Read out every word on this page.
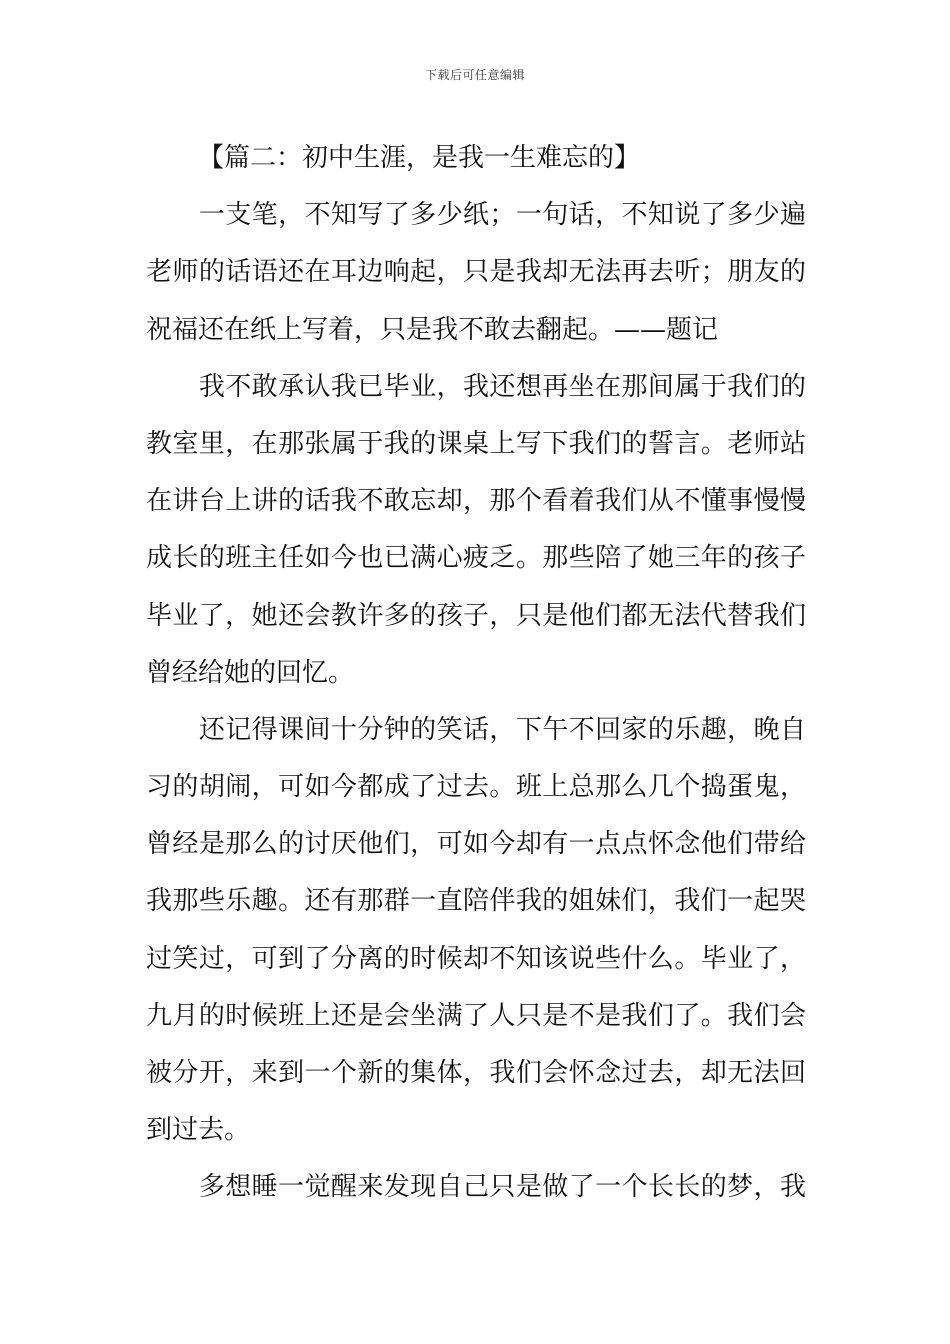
下载后可任意编辑
【篇二：初中生涯，是我一生难忘的】
　　一支笔，不知写了多少纸；一句话，不知说了多少遍
老师的话语还在耳边响起，只是我却无法再去听；朋友的
祝福还在纸上写着，只是我不敢去翻起。——题记
　　我不敢承认我已毕业，我还想再坐在那间属于我们的
教室里，在那张属于我的课桌上写下我们的誓言。老师站
在讲台上讲的话我不敢忘却，那个看着我们从不懂事慢慢
成长的班主任如今也已满心疲乏。那些陪了她三年的孩子
毕业了，她还会教许多的孩子，只是他们都无法代替我们
曾经给她的回忆。
　　还记得课间十分钟的笑话，下午不回家的乐趣，晚自
习的胡闹，可如今都成了过去。班上总那么几个捣蛋鬼，
曾经是那么的讨厌他们，可如今却有一点点怀念他们带给
我那些乐趣。还有那群一直陪伴我的姐妹们，我们一起哭
过笑过，可到了分离的时候却不知该说些什么。毕业了，
九月的时候班上还是会坐满了人只是不是我们了。我们会
被分开，来到一个新的集体，我们会怀念过去，却无法回
到过去。
　　多想睡一觉醒来发现自己只是做了一个长长的梦，我
